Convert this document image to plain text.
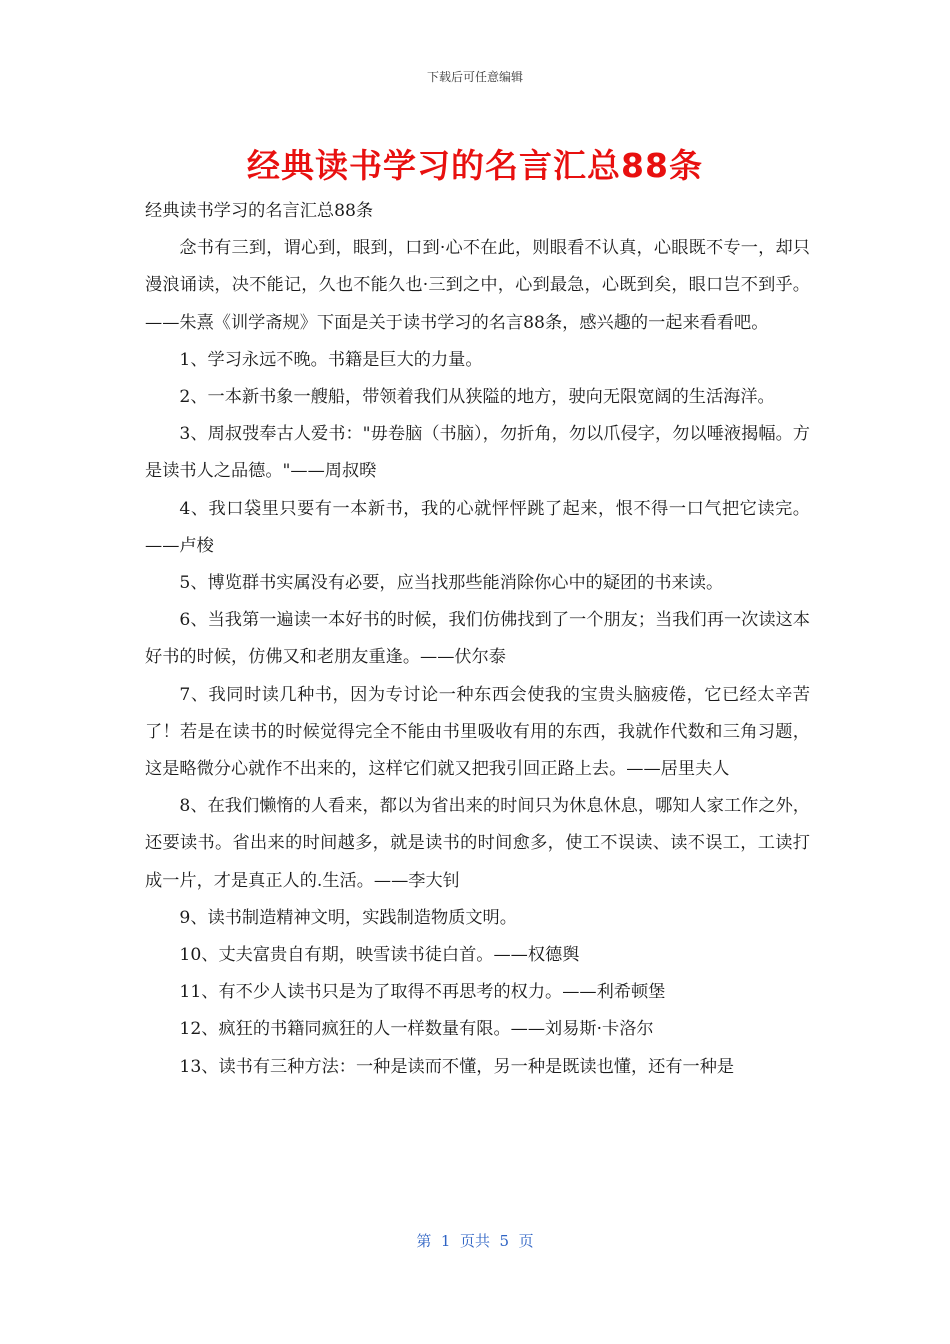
下载后可任意编辑
经典读书学习的名言汇总88条

经典读书学习的名言汇总88条

念书有三到，谓心到，眼到，口到·心不在此，则眼看不认真，心眼既不专一，却只漫浪诵读，决不能记，久也不能久也·三到之中，心到最急，心既到矣，眼口岂不到乎。——朱熹《训学斋规》下面是关于读书学习的名言88条，感兴趣的一起来看看吧。

1、学习永远不晚。书籍是巨大的力量。

2、一本新书象一艘船，带领着我们从狭隘的地方，驶向无限宽阔的生活海洋。

3、周叔弢奉古人爱书："毋卷脑（书脑），勿折角，勿以爪侵字，勿以唾液揭幅。方是读书人之品德。"——周叔暌

4、我口袋里只要有一本新书，我的心就怦怦跳了起来，恨不得一口气把它读完。——卢梭

5、博览群书实属没有必要，应当找那些能消除你心中的疑团的书来读。

6、当我第一遍读一本好书的时候，我们仿佛找到了一个朋友；当我们再一次读这本好书的时候，仿佛又和老朋友重逢。——伏尔泰

7、我同时读几种书，因为专讨论一种东西会使我的宝贵头脑疲倦，它已经太辛苦了！若是在读书的时候觉得完全不能由书里吸收有用的东西，我就作代数和三角习题，这是略微分心就作不出来的，这样它们就又把我引回正路上去。——居里夫人

8、在我们懒惰的人看来，都以为省出来的时间只为休息休息，哪知人家工作之外，还要读书。省出来的时间越多，就是读书的时间愈多，使工不误读、读不误工，工读打成一片，才是真正人的.生活。——李大钊

9、读书制造精神文明，实践制造物质文明。

10、丈夫富贵自有期，映雪读书徒白首。——权德舆

11、有不少人读书只是为了取得不再思考的权力。——利希顿堡

12、疯狂的书籍同疯狂的人一样数量有限。——刘易斯·卡洛尔

13、读书有三种方法：一种是读而不懂，另一种是既读也懂，还有一种是

第  1  页共  5  页
